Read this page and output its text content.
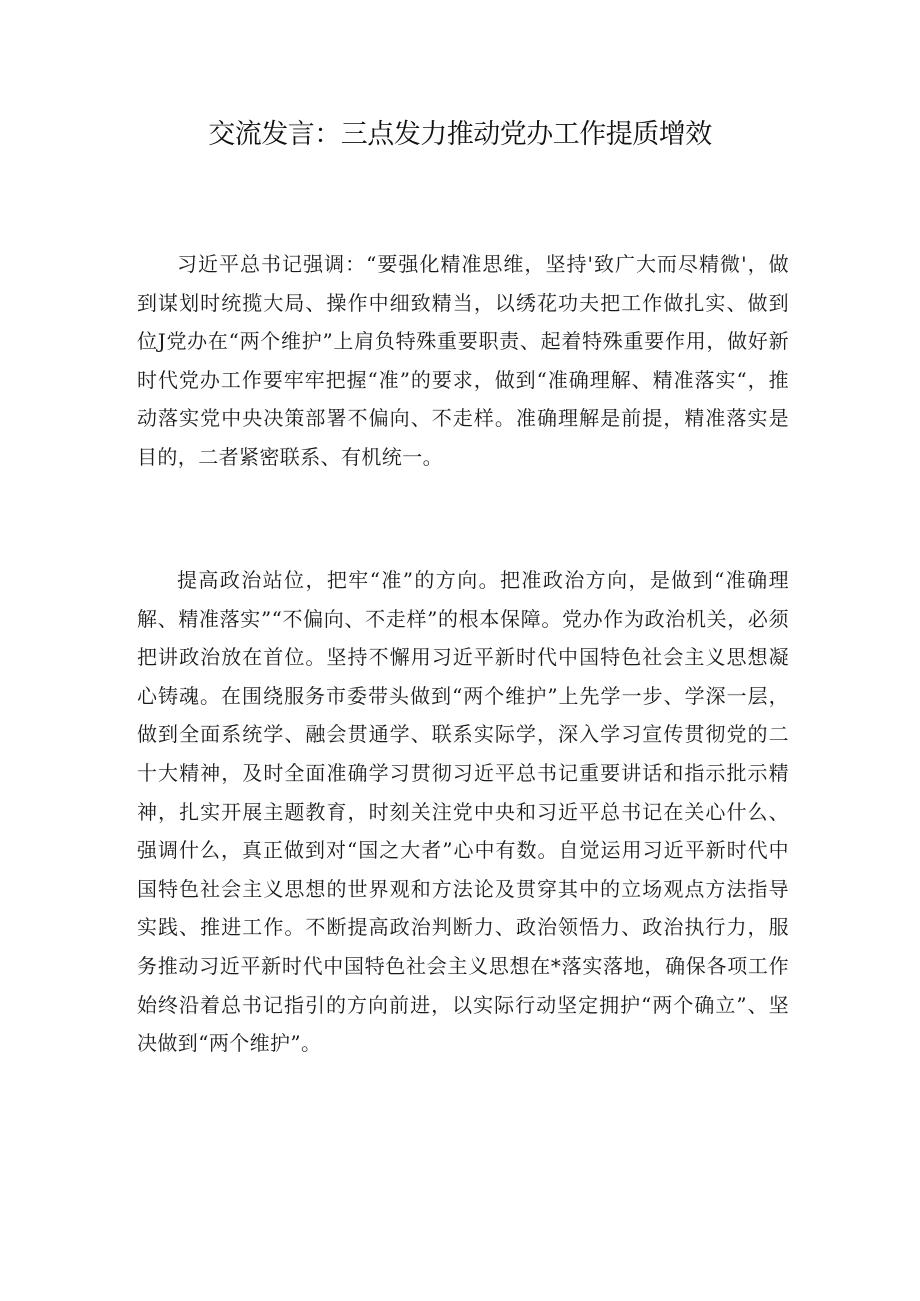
交流发言：三点发力推动党办工作提质增效

习近平总书记强调：“要强化精准思维，坚持'致广大而尽精微'，做到谋划时统揽大局、操作中细致精当，以绣花功夫把工作做扎实、做到位J党办在“两个维护”上肩负特殊重要职责、起着特殊重要作用，做好新时代党办工作要牢牢把握“准”的要求，做到“准确理解、精准落实“，推动落实党中央决策部署不偏向、不走样。准确理解是前提，精准落实是目的，二者紧密联系、有机统一。

提高政治站位，把牢“准”的方向。把准政治方向，是做到“准确理解、精准落实”“不偏向、不走样”的根本保障。党办作为政治机关，必须把讲政治放在首位。坚持不懈用习近平新时代中国特色社会主义思想凝心铸魂。在围绕服务市委带头做到“两个维护”上先学一步、学深一层，做到全面系统学、融会贯通学、联系实际学，深入学习宣传贯彻党的二十大精神，及时全面准确学习贯彻习近平总书记重要讲话和指示批示精神，扎实开展主题教育，时刻关注党中央和习近平总书记在关心什么、强调什么，真正做到对“国之大者”心中有数。自觉运用习近平新时代中国特色社会主义思想的世界观和方法论及贯穿其中的立场观点方法指导实践、推进工作。不断提高政治判断力、政治领悟力、政治执行力，服务推动习近平新时代中国特色社会主义思想在*落实落地，确保各项工作始终沿着总书记指引的方向前进，以实际行动坚定拥护“两个确立”、坚决做到“两个维护”。
